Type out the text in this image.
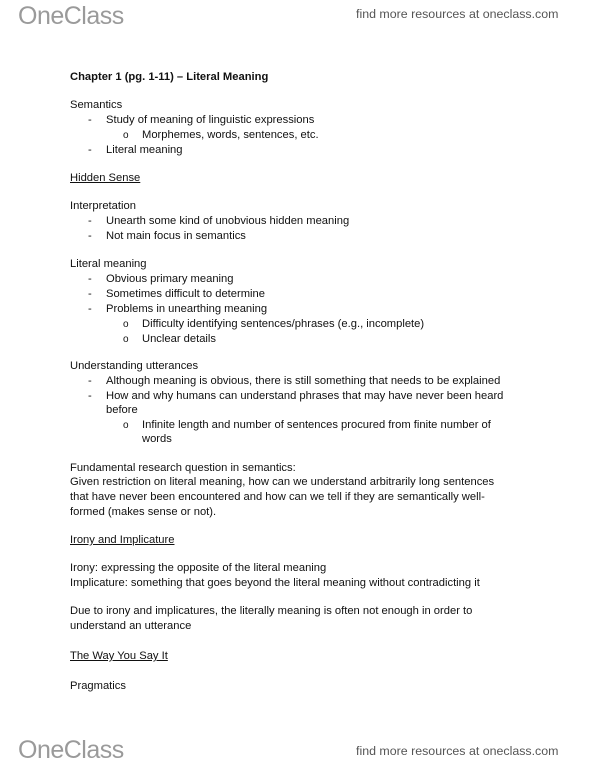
OneClass	find more resources at oneclass.com
Chapter 1 (pg. 1-11) – Literal Meaning
Semantics
- Study of meaning of linguistic expressions
o Morphemes, words, sentences, etc.
- Literal meaning
Hidden Sense
Interpretation
- Unearth some kind of unobvious hidden meaning
- Not main focus in semantics
Literal meaning
- Obvious primary meaning
- Sometimes difficult to determine
- Problems in unearthing meaning
o Difficulty identifying sentences/phrases (e.g., incomplete)
o Unclear details
Understanding utterances
- Although meaning is obvious, there is still something that needs to be explained
- How and why humans can understand phrases that may have never been heard
before
o Infinite length and number of sentences procured from finite number of
words
Fundamental research question in semantics:
Given restriction on literal meaning, how can we understand arbitrarily long sentences
that have never been encountered and how can we tell if they are semantically well-
formed (makes sense or not).
Irony and Implicature
Irony: expressing the opposite of the literal meaning
Implicature: something that goes beyond the literal meaning without contradicting it
Due to irony and implicatures, the literally meaning is often not enough in order to
understand an utterance
The Way You Say It
Pragmatics
OneClass	find more resources at oneclass.com
